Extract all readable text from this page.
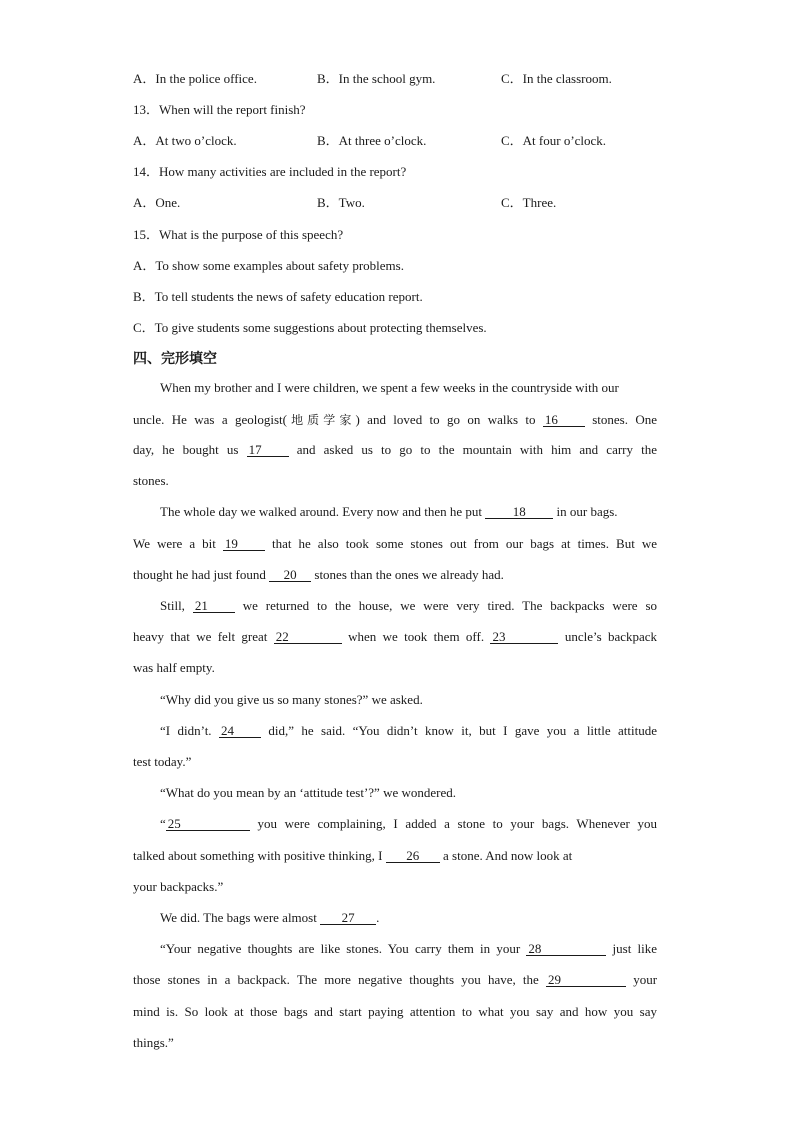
A．In the police office.	B．In the school gym.	C．In the classroom.
13．When will the report finish?
A．At two o’clock.	B．At three o’clock.	C．At four o’clock.
14．How many activities are included in the report?
A．One.	B．Two.	C．Three.
15．What is the purpose of this speech?
A．To show some examples about safety problems.
B．To tell students the news of safety education report.
C．To give students some suggestions about protecting themselves.
四、完形填空
When my brother and I were children, we spent a few weeks in the countryside with our
uncle. He was a geologist(地质学家) and loved to go on walks to 16	stones. One
day, he bought us 17	and asked us to go to the mountain with him and carry the
stones.
The whole day we walked around. Every now and then he put 18 in our bags.
We were a bit 19	that he also took some stones out from our bags at times. But we
thought he had just found 20 stones than the ones we already had.
Still, 21	we returned to the house, we were very tired. The backpacks were so
heavy that we felt great 22	when we took them off. 23	uncle’s backpack
was half empty.
“Why did you give us so many stones?” we asked.
“I didn’t. 24	did,” he said. “You didn’t know it, but I gave you a little attitude
test today.”
“What do you mean by an ‘attitude test’?” we wondered.
“ 25	you were complaining, I added a stone to your bags. Whenever you
talked about something with positive thinking, I 26 a stone. And now look at
your backpacks.”
We did. The bags were almost 27 .
“Your negative thoughts are like stones. You carry them in your 28	just like
those stones in a backpack. The more negative thoughts you have, the 29	your
mind is. So look at those bags and start paying attention to what you say and how you say
things.”
